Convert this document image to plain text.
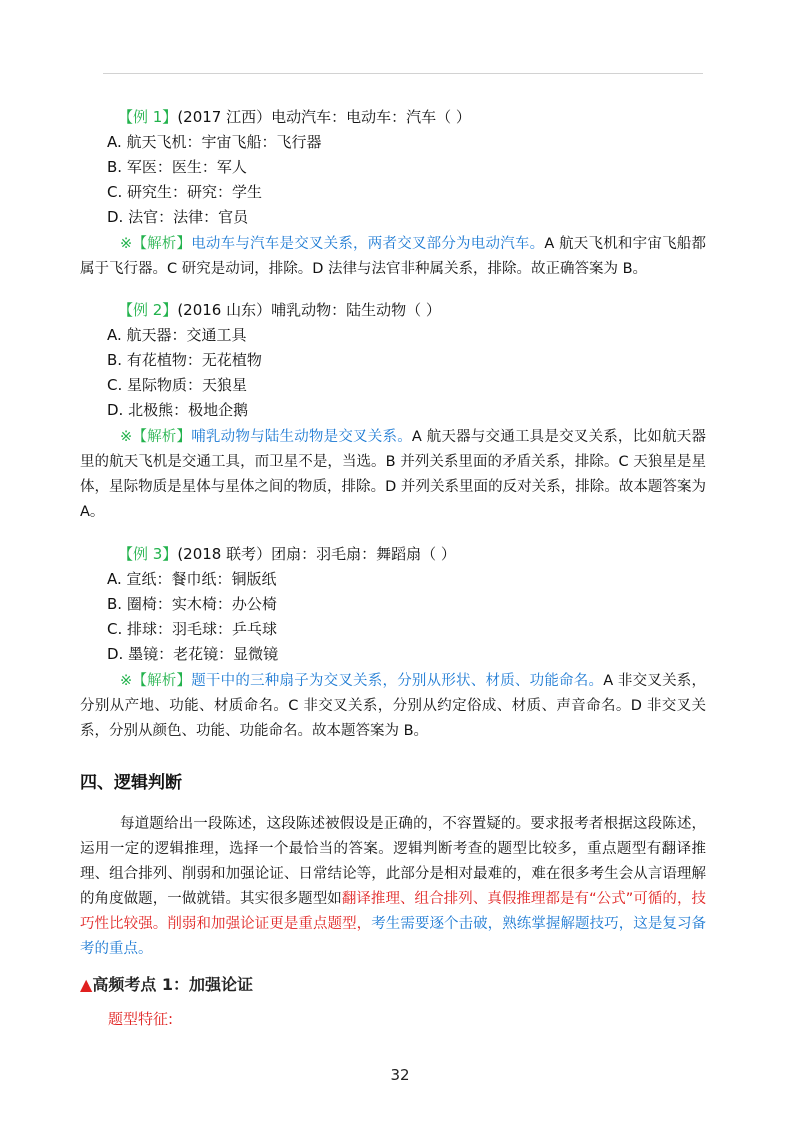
【例 1】(2017 江西）电动汽车：电动车：汽车（ ）
A. 航天飞机：宇宙飞船：飞行器
B. 军医：医生：军人
C. 研究生：研究：学生
D. 法官：法律：官员

※【解析】电动车与汽车是交叉关系，两者交叉部分为电动汽车。A 航天飞机和宇宙飞船都属于飞行器。C 研究是动词，排除。D 法律与法官非种属关系，排除。故正确答案为 B。

【例 2】(2016 山东）哺乳动物：陆生动物（ ）
A. 航天器：交通工具
B. 有花植物：无花植物
C. 星际物质：天狼星
D. 北极熊：极地企鹅

※【解析】哺乳动物与陆生动物是交叉关系。A 航天器与交通工具是交叉关系，比如航天器里的航天飞机是交通工具，而卫星不是，当选。B 并列关系里面的矛盾关系，排除。C 天狼星是星体，星际物质是星体与星体之间的物质，排除。D 并列关系里面的反对关系，排除。故本题答案为 A。

【例 3】(2018 联考）团扇：羽毛扇：舞蹈扇（ ）
A. 宣纸：餐巾纸：铜版纸
B. 圈椅：实木椅：办公椅
C. 排球：羽毛球：乒乓球
D. 墨镜：老花镜：显微镜

※【解析】题干中的三种扇子为交叉关系，分别从形状、材质、功能命名。A 非交叉关系，分别从产地、功能、材质命名。C 非交叉关系，分别从约定俗成、材质、声音命名。D 非交叉关系，分别从颜色、功能、功能命名。故本题答案为 B。

四、逻辑判断

每道题给出一段陈述，这段陈述被假设是正确的，不容置疑的。要求报考者根据这段陈述，运用一定的逻辑推理，选择一个最恰当的答案。逻辑判断考查的题型比较多，重点题型有翻译推理、组合排列、削弱和加强论证、日常结论等，此部分是相对最难的，难在很多考生会从言语理解的角度做题，一做就错。其实很多题型如翻译推理、组合排列、真假推理都是有“公式”可循的，技巧性比较强。削弱和加强论证更是重点题型，考生需要逐个击破，熟练掌握解题技巧，这是复习备考的重点。

▲高频考点 1：加强论证
题型特征:
32
